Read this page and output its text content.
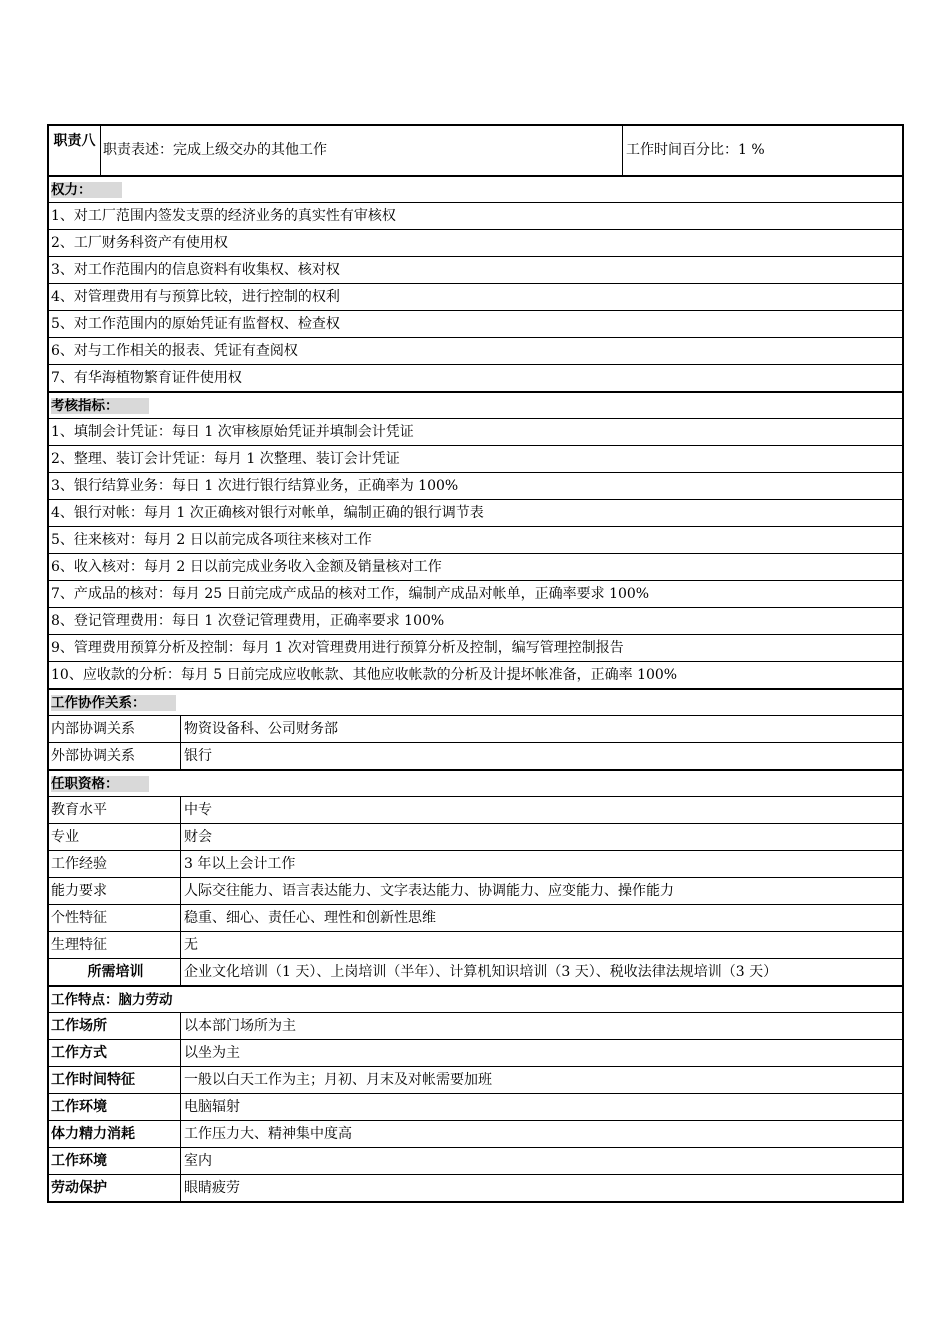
职责八
职责表述：完成上级交办的其他工作	工作时间百分比：1 %
权力：
1、对工厂范围内签发支票的经济业务的真实性有审核权
2、工厂财务科资产有使用权
3、对工作范围内的信息资料有收集权、核对权
4、对管理费用有与预算比较，进行控制的权利
5、对工作范围内的原始凭证有监督权、检查权
6、对与工作相关的报表、凭证有查阅权
7、有华海植物繁育证件使用权
考核指标：
1、填制会计凭证：每日 1 次审核原始凭证并填制会计凭证
2、整理、装订会计凭证：每月 1 次整理、装订会计凭证
3、银行结算业务：每日 1 次进行银行结算业务，正确率为 100%
4、银行对帐：每月 1 次正确核对银行对帐单，编制正确的银行调节表
5、往来核对：每月 2 日以前完成各项往来核对工作
6、收入核对：每月 2 日以前完成业务收入金额及销量核对工作
7、产成品的核对：每月 25 日前完成产成品的核对工作，编制产成品对帐单，正确率要求 100%
8、登记管理费用：每日 1 次登记管理费用，正确率要求 100%
9、管理费用预算分析及控制：每月 1 次对管理费用进行预算分析及控制，编写管理控制报告
10、应收款的分析：每月 5 日前完成应收帐款、其他应收帐款的分析及计提坏帐准备，正确率 100%
工作协作关系：
内部协调关系	物资设备科、公司财务部
外部协调关系	银行
任职资格：
教育水平	中专
专业	财会
工作经验	3 年以上会计工作
能力要求	人际交往能力、语言表达能力、文字表达能力、协调能力、应变能力、操作能力
个性特征	稳重、细心、责任心、理性和创新性思维
生理特征	无
所需培训	企业文化培训（1 天）、上岗培训（半年）、计算机知识培训（3 天）、税收法律法规培训（3 天）
工作特点：脑力劳动
工作场所	以本部门场所为主
工作方式	以坐为主
工作时间特征	一般以白天工作为主；月初、月末及对帐需要加班
工作环境	电脑辐射
体力精力消耗	工作压力大、精神集中度高
工作环境	室内
劳动保护	眼睛疲劳
